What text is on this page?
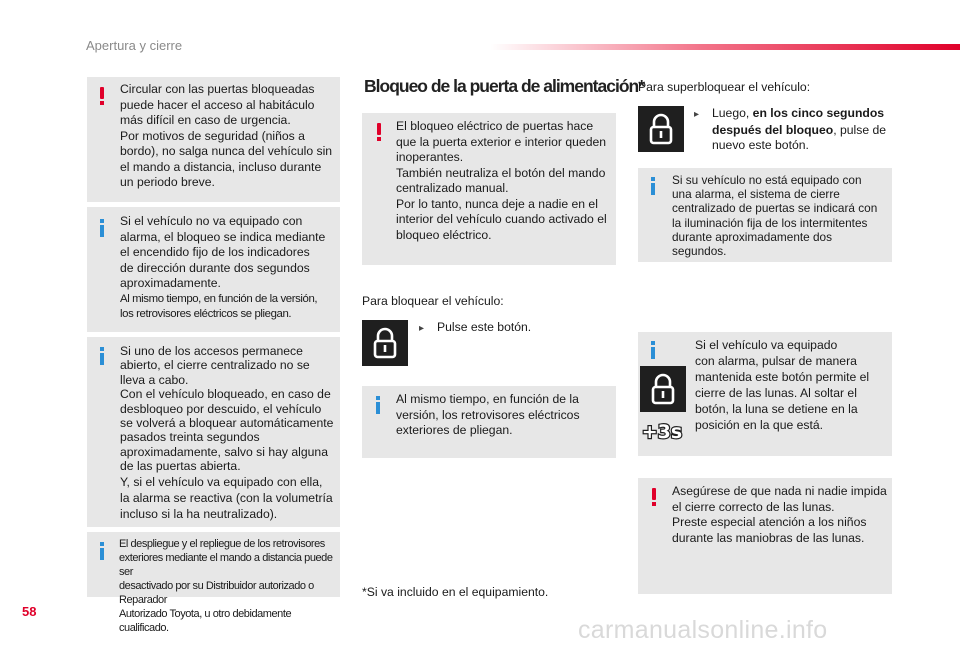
Apertura y cierre

Circular con las puertas bloqueadas

puede hacer el acceso al habitáculo

más difícil en caso de urgencia.

Por motivos de seguridad (niños a

bordo), no salga nunca del vehículo sin

el mando a distancia, incluso durante

un periodo breve.

Si el vehículo no va equipado con

alarma, el bloqueo se indica mediante

el encendido fijo de los indicadores

de dirección durante dos segundos

aproximadamente.

Al mismo tiempo, en función de la versión,

los retrovisores eléctricos se pliegan.

Si uno de los accesos permanece

abierto, el cierre centralizado no se

lleva a cabo.

Con el vehículo bloqueado, en caso de

desbloqueo por descuido, el vehículo

se volverá a bloquear automáticamente

pasados treinta segundos

aproximadamente, salvo si hay alguna

de las puertas abierta.

Y, si el vehículo va equipado con ella,

la alarma se reactiva (con la volumetría

incluso si la ha neutralizado).

El despliegue y el repliegue de los retrovisores

exteriores mediante el mando a distancia puede ser

desactivado por su Distribuidor autorizado o Reparador

Autorizado Toyota, u otro debidamente cualificado.

Bloqueo de la puerta de alimentación*

El bloqueo eléctrico de puertas hace

que la puerta exterior e interior queden

inoperantes.

También neutraliza el botón del mando

centralizado manual.

Por lo tanto, nunca deje a nadie en el

interior del vehículo cuando activado el

bloqueo eléctrico.

Para bloquear el vehículo:
▸ Pulse este botón.

Al mismo tiempo, en función de la

versión, los retrovisores eléctricos

exteriores de pliegan.

*Si va incluido en el equipamiento.
Para superbloquear el vehículo:
▸ Luego, en los cinco segundos
después del bloqueo, pulse de
nuevo este botón.

Si su vehículo no está equipado con

una alarma, el sistema de cierre

centralizado de puertas se indicará con

la iluminación fija de los intermitentes

durante aproximadamente dos

segundos.

Si el vehículo va equipado

con alarma, pulsar de manera

mantenida este botón permite el

cierre de las lunas. Al soltar el

botón, la luna se detiene en la

posición en la que está.

+3s

Asegúrese de que nada ni nadie impida

el cierre correcto de las lunas.

Preste especial atención a los niños

durante las maniobras de las lunas.

58
carmanualsonline.info
